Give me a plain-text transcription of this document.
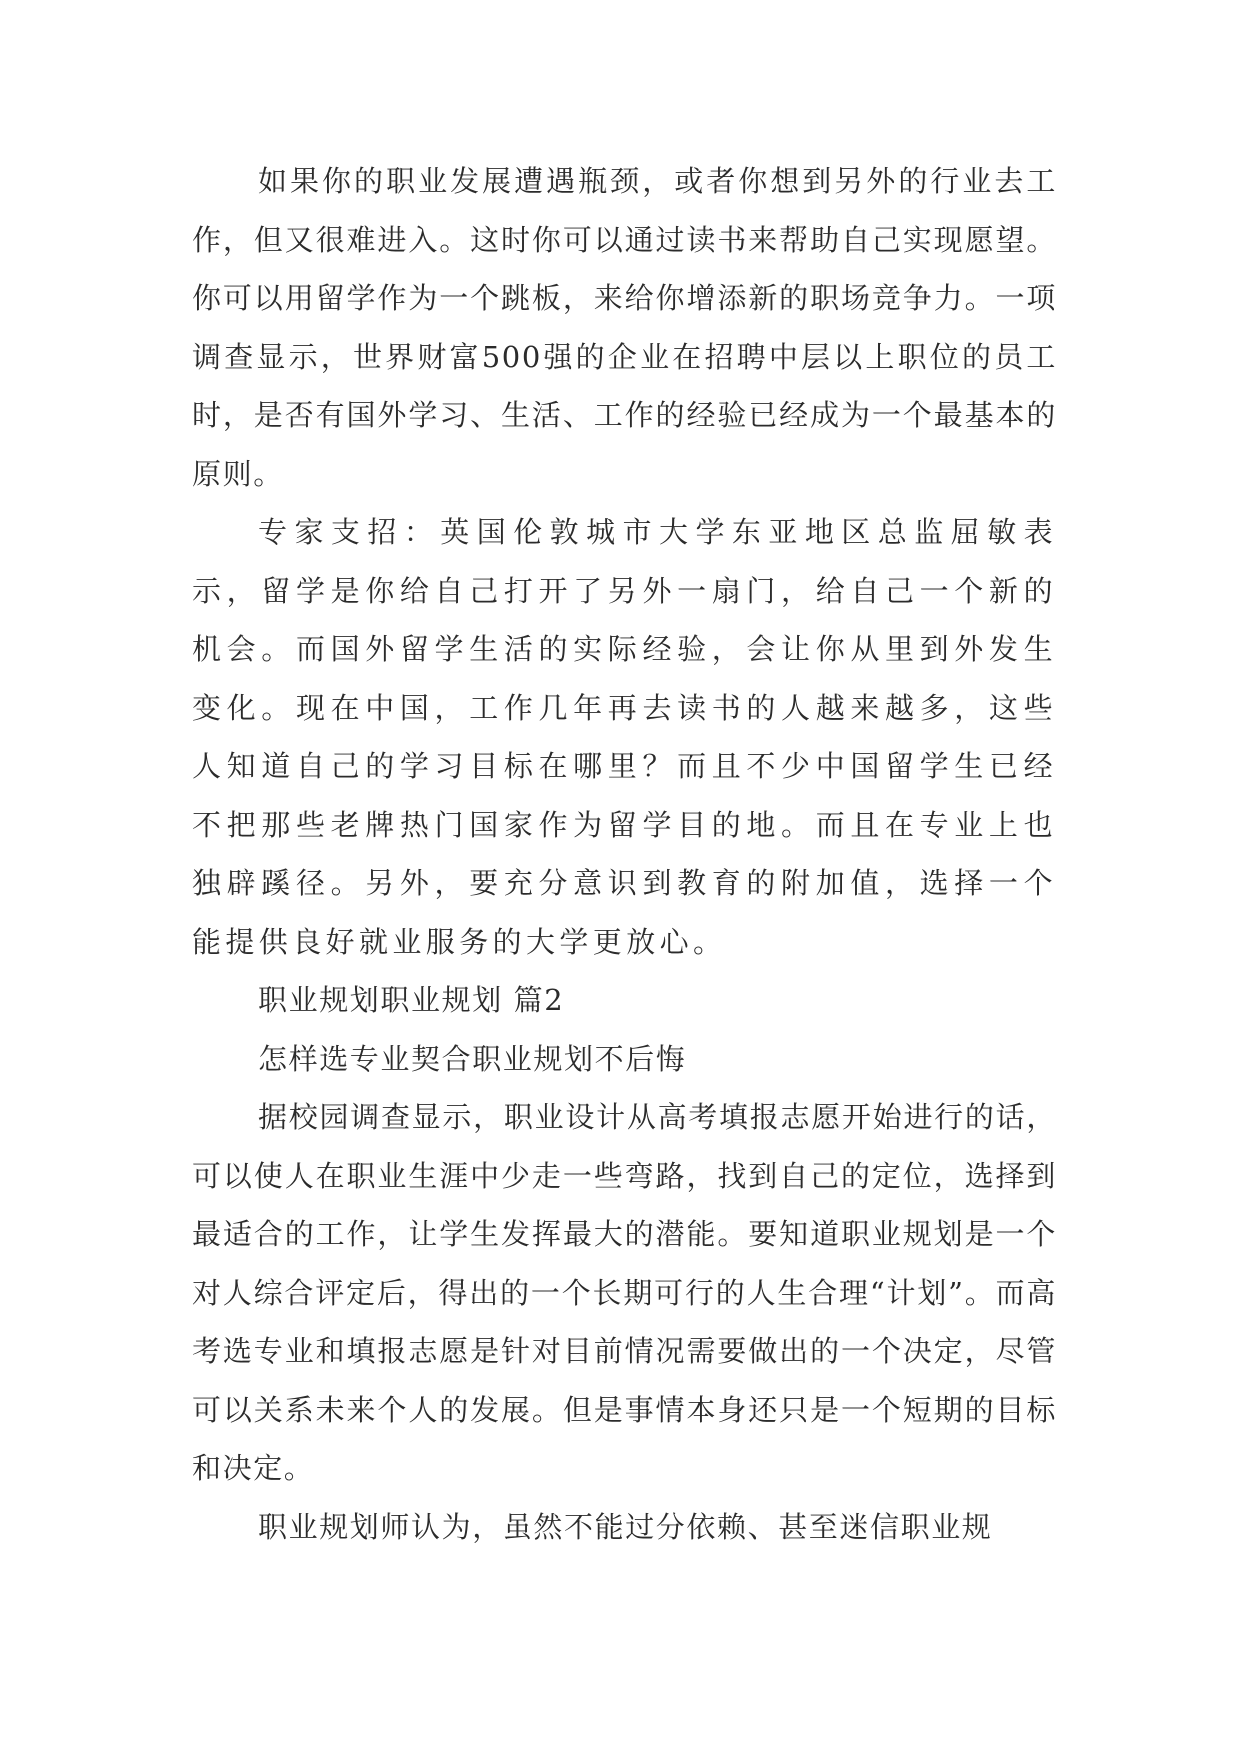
如果你的职业发展遭遇瓶颈，或者你想到另外的行业去工作，但又很难进入。这时你可以通过读书来帮助自己实现愿望。你可以用留学作为一个跳板，来给你增添新的职场竞争力。一项调查显示，世界财富500强的企业在招聘中层以上职位的员工时，是否有国外学习、生活、工作的经验已经成为一个最基本的原则。

专家支招：英国伦敦城市大学东亚地区总监屈敏表示，留学是你给自己打开了另外一扇门，给自己一个新的机会。而国外留学生活的实际经验，会让你从里到外发生变化。现在中国，工作几年再去读书的人越来越多，这些人知道自己的学习目标在哪里？而且不少中国留学生已经不把那些老牌热门国家作为留学目的地。而且在专业上也独辟蹊径。另外，要充分意识到教育的附加值，选择一个能提供良好就业服务的大学更放心。

职业规划职业规划 篇2

怎样选专业契合职业规划不后悔

据校园调查显示，职业设计从高考填报志愿开始进行的话，可以使人在职业生涯中少走一些弯路，找到自己的定位，选择到最适合的工作，让学生发挥最大的潜能。要知道职业规划是一个对人综合评定后，得出的一个长期可行的人生合理“计划”。而高考选专业和填报志愿是针对目前情况需要做出的一个决定，尽管可以关系未来个人的发展。但是事情本身还只是一个短期的目标和决定。

职业规划师认为，虽然不能过分依赖、甚至迷信职业规
